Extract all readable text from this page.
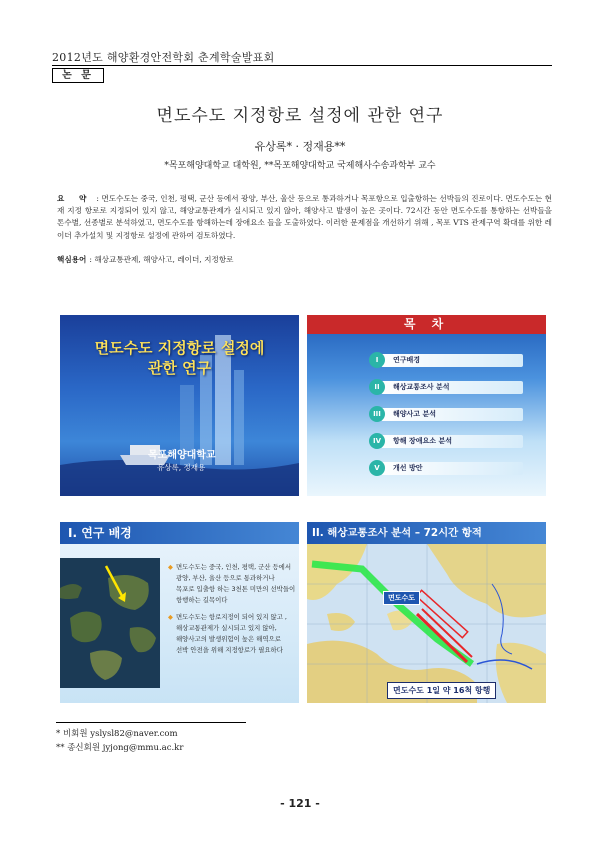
2012년도 해양환경안전학회 춘계학술발표회
논 문
면도수도 지정항로 설정에 관한 연구
유상록* · 정재용**
*목포해양대학교 대학원, **목포해양대학교 국제해사수송과학부 교수
요 약 : 면도수도는 중국, 인천, 평택, 군산 등에서 광양, 부산, 울산 등으로 통과하거나 목포항으로 입출항하는 선박들의 진로이다. 면도수도는 현재 지정 항로로 지정되어 있지 않고, 해양교통관제가 실시되고 있지 않아, 해양사고 발생이 높은 곳이다. 72시간 동안 면도수도를 통항하는 선박들을 톤수별, 선종별로 분석하였고, 면도수도를 항해하는데 장애요소 들을 도출하였다. 이러한 문제점을 개선하기 위해 , 목포 VTS 관제구역 확대를 위한 레이더 추가설치 및 지정항로 설정에 관하여 검토하였다.
핵심용어 : 해상교통관제, 해양사고, 레이더, 지정항로
면도수도 지정항로 설정에
관한 연구
목포해양대학교
유상록, 정재용
목 차
연구배경
I
해상교통조사 분석
II
해양사고 분석
III
항해 장애요소 분석
IV
개선 방안
V
I. 연구 배경
◆ 면도수도는 중국, 인천, 평택, 군산 등에서
광양, 부산, 울산 등으로 통과하거나
목포로 입출항 하는 3천톤 미만의 선박들이
항행하는 길목이다
◆ 면도수도는 항로지정이 되어 있지 않고 ,
해상교통관제가 실시되고 있지 않아,
해양사고의 발생위험이 높은 해역으로
선박 안전을 위해 지정항로가 필요하다
II. 해상교통조사 분석 – 72시간 항적
면도수도
면도수도 1일 약 16척 항행
* 비회원 yslysl82@naver.com
** 종신회원 jyjong@mmu.ac.kr
- 121 -
